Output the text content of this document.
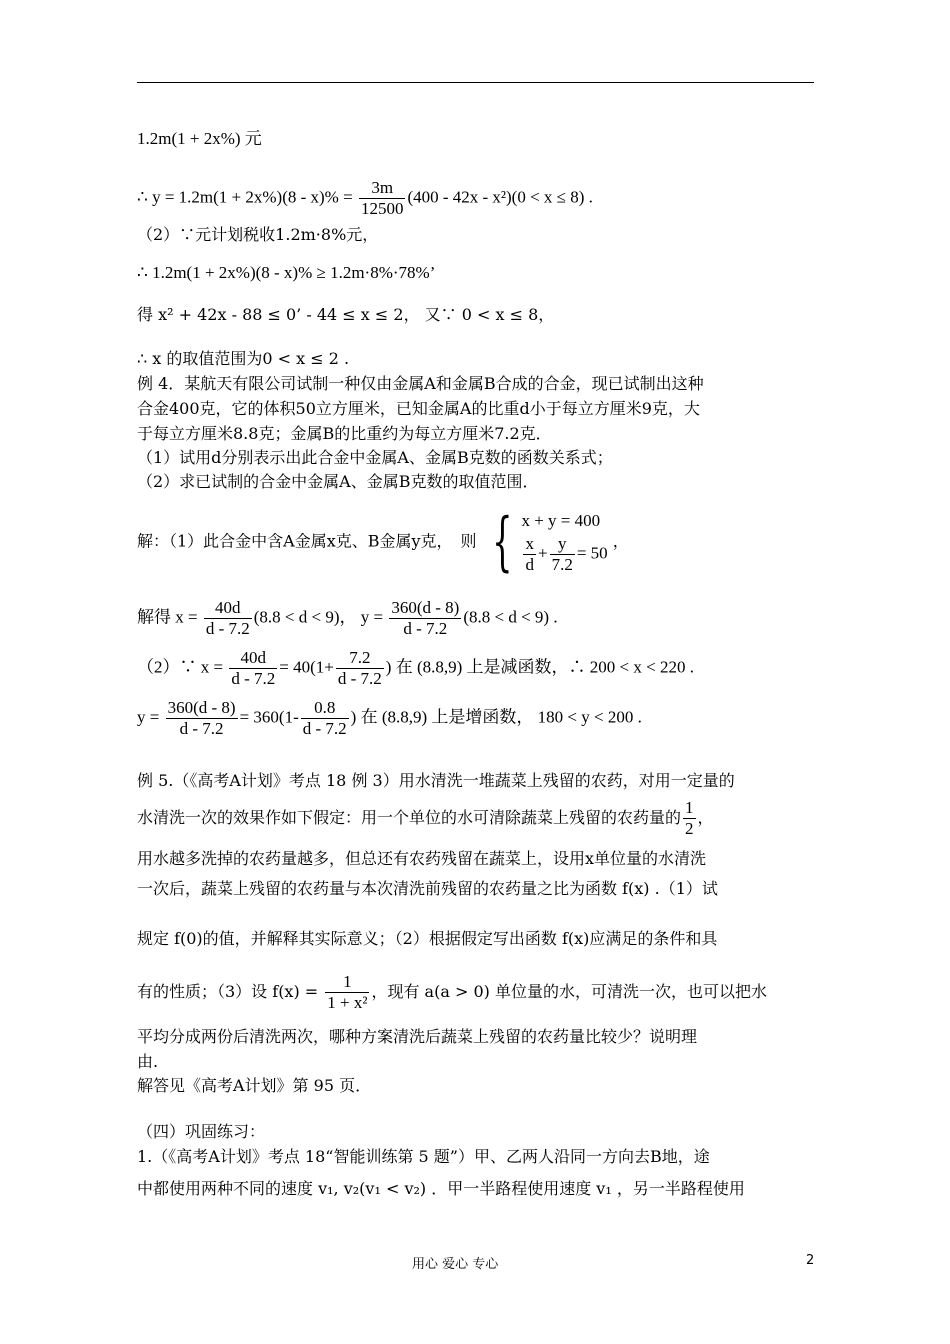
1.2m(1 + 2x%) 元
∴ $y = 1.2m(1 + 2x\%)(8 - x)\% = \frac{3m}{12500} (400 - 42x - x^2)(0 < x \le 8)$ .
（2）∵元计划税收1.2m·8%元，
∴ 1.2m(1 + 2x%)(8 - x)% ≥ 1.2m·8%·78%’
得 x² + 42x - 88 ≤ 0’ - 44 ≤ x ≤ 2， 又∵ 0 < x ≤ 8，
∴ x 的取值范围为0 < x ≤ 2 .
例 4．某航天有限公司试制一种仅由金属A和金属B合成的合金，现已试制出这种
合金400克，它的体积50立方厘米，已知金属A的比重d小于每立方厘米9克，大
于每立方厘米8.8克；金属B的比重约为每立方厘米7.2克．
（1）试用d分别表示出此合金中金属A、金属B克数的函数关系式；
（2）求已试制的合金中金属A、金属B克数的取值范围．
解：（1）此合金中含A金属x克、B金属y克，　则 { x + y = 400
$\frac{x}{d} + \frac{y}{7.2} = 50$
，
解得 $x = \frac{40d}{d - 7.2} (8.8 < d < 9)$， $y = \frac{360(d - 8)}{d - 7.2} (8.8 < d < 9)$ .
（2）∵ $x = \frac{40d}{d - 7.2} = 40(1+ \frac{7.2}{d - 7.2}$ ) 在 (8.8,9) 上是减函数，∴ 200 < x < 220 .
$y = \frac{360(d - 8)}{d - 7.2} = 360(1- \frac{0.8}{d - 7.2}$ ) 在 (8.8,9) 上是增函数， 180 < y < 200 .
例 5.（《高考A计划》考点 18 例 3）用水清洗一堆蔬菜上残留的农药，对用一定量的
水清洗一次的效果作如下假定：用一个单位的水可清除蔬菜上残留的农药量的 $\frac{1}{2}$ ，
用水越多洗掉的农药量越多，但总还有农药残留在蔬菜上，设用x单位量的水清洗
一次后，蔬菜上残留的农药量与本次清洗前残留的农药量之比为函数 f(x) .（1）试
规定 f(0)的值，并解释其实际意义；（2）根据假定写出函数 f(x)应满足的条件和具
有的性质；（3）设 $f(x) = \frac{1}{\text{1 + x²}}$ ，现有 a(a > 0) 单位量的水，可清洗一次，也可以把水
平均分成两份后清洗两次，哪种方案清洗后蔬菜上残留的农药量比较少？说明理
由.
解答见《高考A计划》第 95 页．
（四）巩固练习：
1.（《高考A计划》考点 18“智能训练第 5 题”）甲、乙两人沿同一方向去B地，途
中都使用两种不同的速度 v₁, v₂(v₁ < v₂) ．甲一半路程使用速度 v₁ ，另一半路程使用
用心 爱心 专心	2
